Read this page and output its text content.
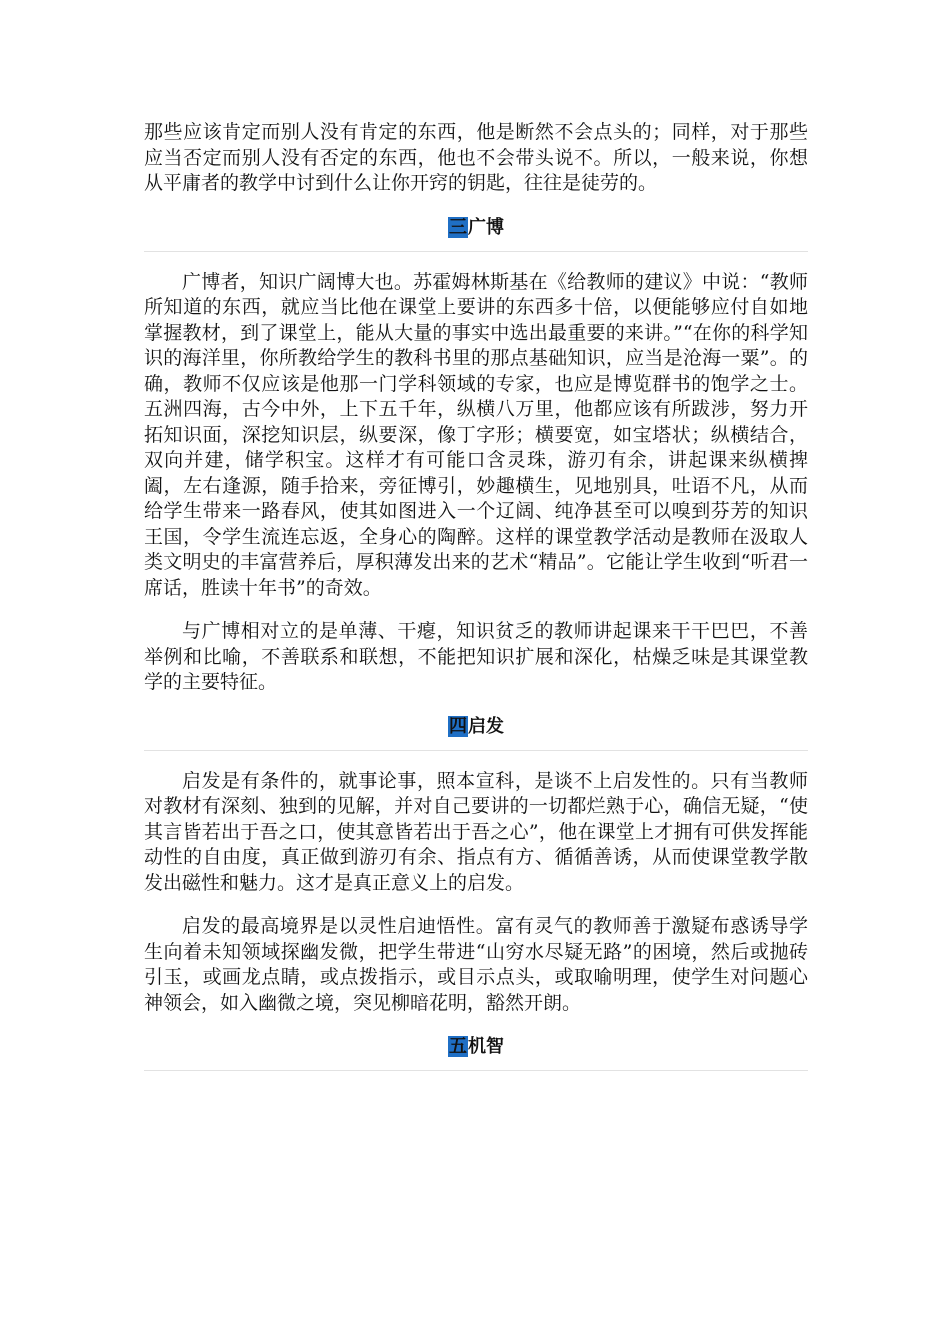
那些应该肯定而别人没有肯定的东西，他是断然不会点头的；同样，对于那些应当否定而别人没有否定的东西，他也不会带头说不。所以，一般来说，你想从平庸者的教学中讨到什么让你开窍的钥匙，往往是徒劳的。

三广博

广博者，知识广阔博大也。苏霍姆林斯基在《给教师的建议》中说：“教师所知道的东西，就应当比他在课堂上要讲的东西多十倍，以便能够应付自如地掌握教材，到了课堂上，能从大量的事实中选出最重要的来讲。”“在你的科学知识的海洋里，你所教给学生的教科书里的那点基础知识，应当是沧海一粟”。的确，教师不仅应该是他那一门学科领域的专家，也应是博览群书的饱学之士。五洲四海，古今中外，上下五千年，纵横八万里，他都应该有所跋涉，努力开拓知识面，深挖知识层，纵要深，像丁字形；横要宽，如宝塔状；纵横结合，双向并建，储学积宝。这样才有可能口含灵珠，游刃有余，讲起课来纵横捭阖，左右逢源，随手拾来，旁征博引，妙趣横生，见地别具，吐语不凡，从而给学生带来一路春风，使其如图进入一个辽阔、纯净甚至可以嗅到芬芳的知识王国，令学生流连忘返，全身心的陶醉。这样的课堂教学活动是教师在汲取人类文明史的丰富营养后，厚积薄发出来的艺术“精品”。它能让学生收到“听君一席话，胜读十年书”的奇效。

与广博相对立的是单薄、干瘪，知识贫乏的教师讲起课来干干巴巴，不善举例和比喻，不善联系和联想，不能把知识扩展和深化，枯燥乏味是其课堂教学的主要特征。

四启发

启发是有条件的，就事论事，照本宣科，是谈不上启发性的。只有当教师对教材有深刻、独到的见解，并对自己要讲的一切都烂熟于心，确信无疑，“使其言皆若出于吾之口，使其意皆若出于吾之心”，他在课堂上才拥有可供发挥能动性的自由度，真正做到游刃有余、指点有方、循循善诱，从而使课堂教学散发出磁性和魅力。这才是真正意义上的启发。

启发的最高境界是以灵性启迪悟性。富有灵气的教师善于激疑布惑诱导学生向着未知领域探幽发微，把学生带进“山穷水尽疑无路”的困境，然后或抛砖引玉，或画龙点睛，或点拨指示，或目示点头，或取喻明理，使学生对问题心神领会，如入幽微之境，突见柳暗花明，豁然开朗。

五机智
